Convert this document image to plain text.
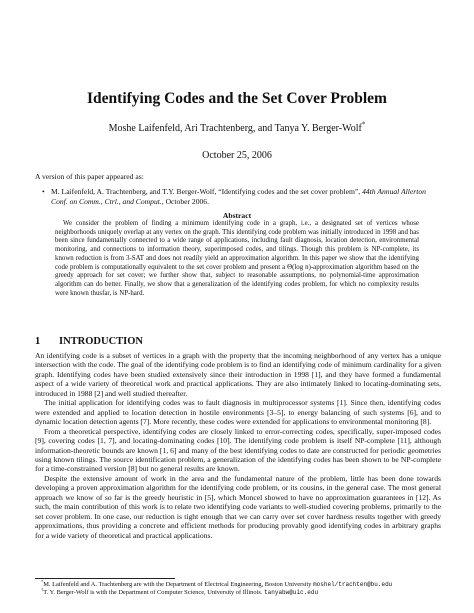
Identifying Codes and the Set Cover Problem
Moshe Laifenfeld, Ari Trachtenberg, and Tanya Y. Berger-Wolf*
October 25, 2006
A version of this paper appeared as:
• M. Laifenfeld, A. Trachtenberg, and T.Y. Berger-Wolf, “Identifying codes and the set cover problem”, 44th Annual Allerton Conf. on Comm., Ctrl., and Comput., October 2006.
Abstract
We consider the problem of finding a minimum identifying code in a graph, i.e., a designated set of vertices whose neighborhoods uniquely overlap at any vertex on the graph. This identifying code problem was initially introduced in 1998 and has been since fundamentally connected to a wide range of applications, including fault diagnosis, location detection, environmental monitoring, and connections to information theory, superimposed codes, and tilings. Though this problem is NP-complete, its known reduction is from 3-SAT and does not readily yield an approximation algorithm. In this paper we show that the identifying code problem is computationally equivalent to the set cover problem and present a Θ(log n)-approximation algorithm based on the greedy approach for set cover; we further show that, subject to reasonable assumptions, no polynomial-time approximation algorithm can do better. Finally, we show that a generalization of the identifying codes problem, for which no complexity results were known thusfar, is NP-hard.
1 INTRODUCTION

An identifying code is a subset of vertices in a graph with the property that the incoming neighborhood of any vertex has a unique intersection with the code. The goal of the identifying code problem is to find an identifying code of minimum cardinality for a given graph. Identifying codes have been studied extensively since their introduction in 1998 [1], and they have formed a fundamental aspect of a wide variety of theoretical work and practical applications. They are also intimately linked to locating-dominating sets, introduced in 1988 [2] and well studied thereafter.

The initial application for identifying codes was to fault diagnosis in multiprocessor systems [1]. Since then, identifying codes were extended and applied to location detection in hostile environments [3–5], to energy balancing of such systems [6], and to dynamic location detection agents [7]. More recently, these codes were extended for applications to environmental monitoring [8].

From a theoretical perspective, identifying codes are closely linked to error-correcting codes, specifically, super-imposed codes [9], covering codes [1, 7], and locating-dominating codes [10]. The identifying code problem is itself NP-complete [11], although information-theoretic bounds are known [1, 6] and many of the best identifying codes to date are constructed for periodic geometries using known tilings. The source identification problem, a generalization of the identifying codes has been shown to be NP-complete for a time-constrained version [8] but no general results are known.

Despite the extensive amount of work in the area and the fundamental nature of the problem, little has been done towards developing a proven approximation algorithm for the identifying code problem, or its cousins, in the general case. The most general approach we know of so far is the greedy heuristic in [5], which Moncel showed to have no approximation guarantees in [12]. As such, the main contribution of this work is to relate two identifying code variants to well-studied covering problems, primarily to the set cover problem. In one case, our reduction is tight enough that we can carry over set cover hardness results together with greedy approximations, thus providing a concrete and efficient methods for producing provably good identifying codes in arbitrary graphs for a wide variety of theoretical and practical applications.

*M. Laifenfeld and A. Trachtenberg are with the Department of Electrical Engineering, Boston University moshel/trachten@bu.edu

†T. Y. Berger-Wolf is with the Department of Computer Science, University of Illinois. tanyabw@uic.edu
